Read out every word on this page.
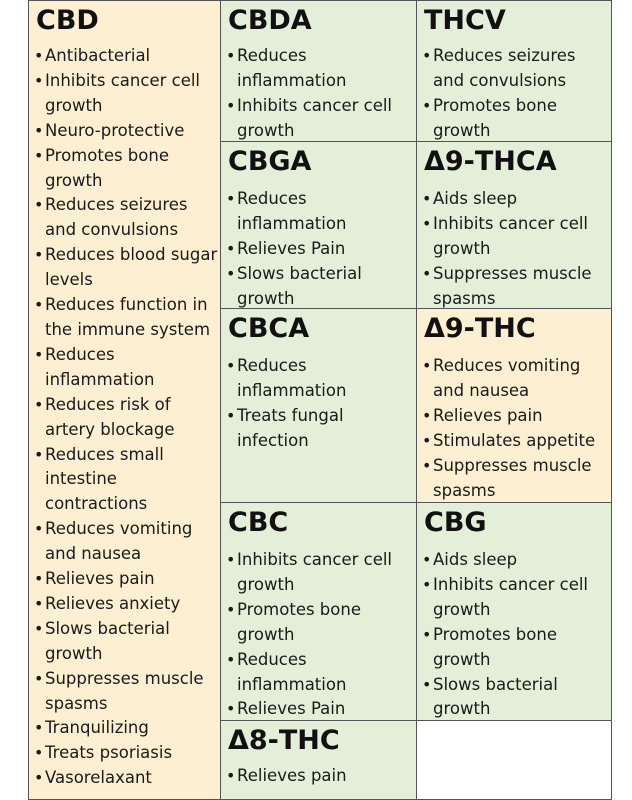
CBD
• Antibacterial
• Inhibits cancer cell
growth
• Neuro-protective
• Promotes bone
growth
• Reduces seizures
and convulsions
• Reduces blood sugar
levels
• Reduces function in
the immune system
• Reduces
inflammation
• Reduces risk of
artery blockage
• Reduces small
intestine
contractions
• Reduces vomiting
and nausea
• Relieves pain
• Relieves anxiety
• Slows bacterial
growth
• Suppresses muscle
spasms
• Tranquilizing
• Treats psoriasis
• Vasorelaxant
CBDA
• Reduces
inflammation
• Inhibits cancer cell
growth
THCV
• Reduces seizures
and convulsions
• Promotes bone
growth
CBGA
• Reduces
inflammation
• Relieves Pain
• Slows bacterial
growth
Δ9-THCA
• Aids sleep
• Inhibits cancer cell
growth
• Suppresses muscle
spasms
CBCA
• Reduces
inflammation
• Treats fungal
infection
Δ9-THC
• Reduces vomiting
and nausea
• Relieves pain
• Stimulates appetite
• Suppresses muscle
spasms
CBC
• Inhibits cancer cell
growth
• Promotes bone
growth
• Reduces
inflammation
• Relieves Pain
CBG
• Aids sleep
• Inhibits cancer cell
growth
• Promotes bone
growth
• Slows bacterial
growth
Δ8-THC
• Relieves pain
